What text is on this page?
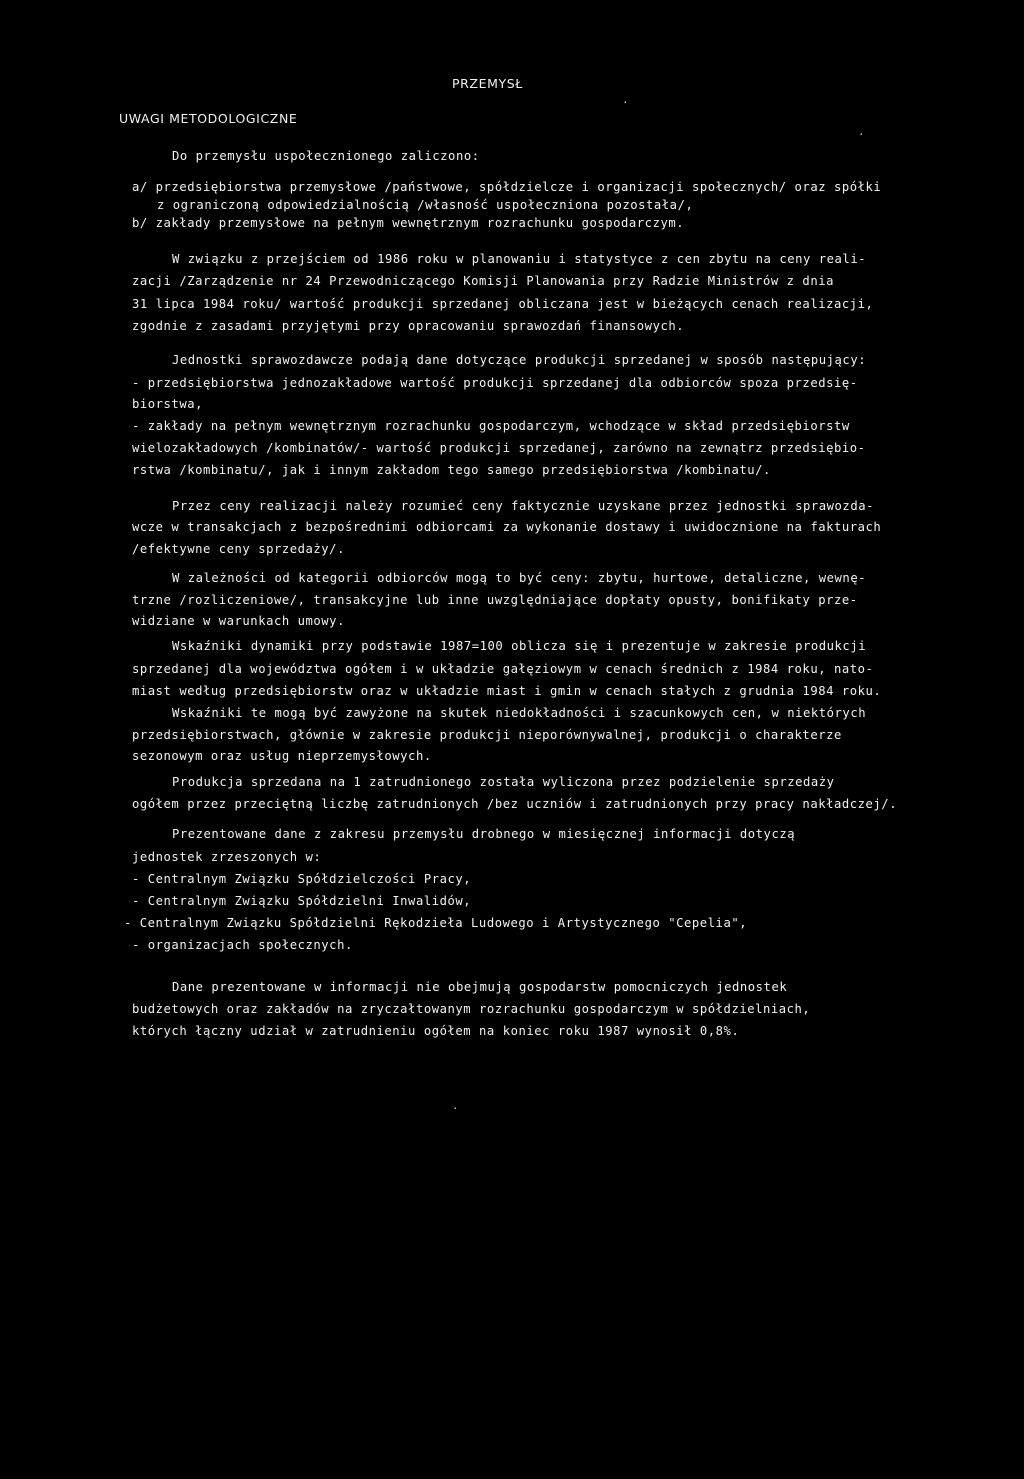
PRZEMYSŁ
UWAGI METODOLOGICZNE
·
·
·
Do przemysłu uspołecznionego zaliczono:
a/ przedsiębiorstwa przemysłowe /państwowe, spółdzielcze i organizacji społecznych/ oraz spółki
z ograniczoną odpowiedzialnością /własność uspołeczniona pozostała/,
b/ zakłady przemysłowe na pełnym wewnętrznym rozrachunku gospodarczym.
W związku z przejściem od 1986 roku w planowaniu i statystyce z cen zbytu na ceny reali-
zacji /Zarządzenie nr 24 Przewodniczącego Komisji Planowania przy Radzie Ministrów z dnia
31 lipca 1984 roku/ wartość produkcji sprzedanej obliczana jest w bieżących cenach realizacji,
zgodnie z zasadami przyjętymi przy opracowaniu sprawozdań finansowych.
Jednostki sprawozdawcze podają dane dotyczące produkcji sprzedanej w sposób następujący:
- przedsiębiorstwa jednozakładowe wartość produkcji sprzedanej dla odbiorców spoza przedsię-
biorstwa,
- zakłady na pełnym wewnętrznym rozrachunku gospodarczym, wchodzące w skład przedsiębiorstw
wielozakładowych /kombinatów/- wartość produkcji sprzedanej, zarówno na zewnątrz przedsiębio-
rstwa /kombinatu/, jak i innym zakładom tego samego przedsiębiorstwa /kombinatu/.
Przez ceny realizacji należy rozumieć ceny faktycznie uzyskane przez jednostki sprawozda-
wcze w transakcjach z bezpośrednimi odbiorcami za wykonanie dostawy i uwidocznione na fakturach
/efektywne ceny sprzedaży/.
W zależności od kategorii odbiorców mogą to być ceny: zbytu, hurtowe, detaliczne, wewnę-
trzne /rozliczeniowe/, transakcyjne lub inne uwzględniające dopłaty opusty, bonifikaty prze-
widziane w warunkach umowy.
Wskaźniki dynamiki przy podstawie 1987=100 oblicza się i prezentuje w zakresie produkcji
sprzedanej dla województwa ogółem i w układzie gałęziowym w cenach średnich z 1984 roku, nato-
miast według przedsiębiorstw oraz w układzie miast i gmin w cenach stałych z grudnia 1984 roku.
Wskaźniki te mogą być zawyżone na skutek niedokładności i szacunkowych cen, w niektórych
przedsiębiorstwach, głównie w zakresie produkcji nieporównywalnej, produkcji o charakterze
sezonowym oraz usług nieprzemysłowych.
Produkcja sprzedana na 1 zatrudnionego została wyliczona przez podzielenie sprzedaży
ogółem przez przeciętną liczbę zatrudnionych /bez uczniów i zatrudnionych przy pracy nakładczej/.
Prezentowane dane z zakresu przemysłu drobnego w miesięcznej informacji dotyczą
jednostek zrzeszonych w:
- Centralnym Związku Spółdzielczości Pracy,
- Centralnym Związku Spółdzielni Inwalidów,
- Centralnym Związku Spółdzielni Rękodzieła Ludowego i Artystycznego "Cepelia",
- organizacjach społecznych.
Dane prezentowane w informacji nie obejmują gospodarstw pomocniczych jednostek
budżetowych oraz zakładów na zryczałtowanym rozrachunku gospodarczym w spółdzielniach,
których łączny udział w zatrudnieniu ogółem na koniec roku 1987 wynosił 0,8%.
